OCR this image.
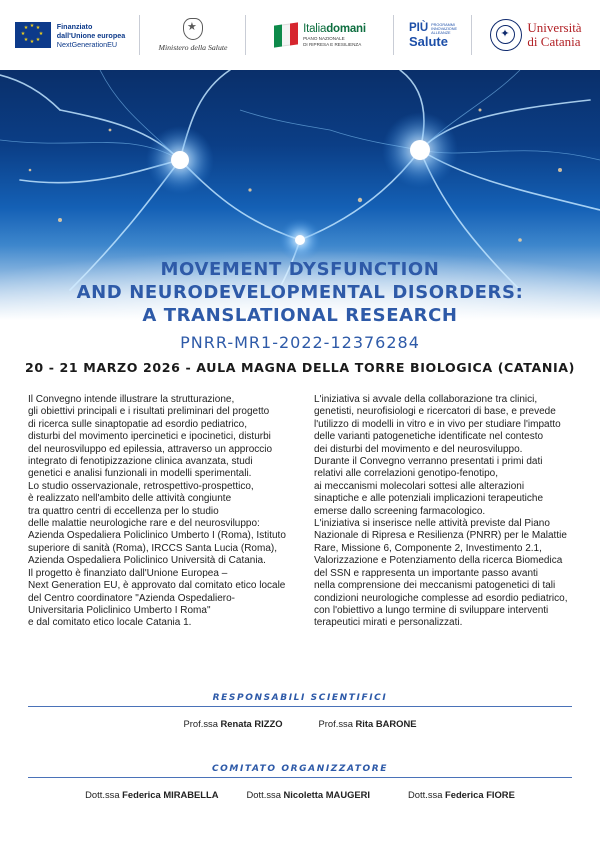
★ ★
★
★
★
★
★
★	Finanziato
dall'Unione europea
NextGenerationEU
★	Ministero della Salute
Italiadomani
PIANO NAZIONALE
DI RIPRESA E RESILIENZA
PIÙ PROGRAMMI
INNOVAZIONE
ALLEANZE
Salute
✦
Università
di Catania
MOVEMENT DYSFUNCTION
AND NEURODEVELOPMENTAL DISORDERS:
A TRANSLATIONAL RESEARCH
PNRR-MR1-2022-12376284
20 - 21 MARZO 2026 - AULA MAGNA DELLA TORRE BIOLOGICA (CATANIA)

Il Convegno intende illustrare la strutturazione,

gli obiettivi principali e i risultati preliminari del progetto

di ricerca sulle sinaptopatie ad esordio pediatrico,

disturbi del movimento ipercinetici e ipocinetici, disturbi

del neurosviluppo ed epilessia, attraverso un approccio

integrato di fenotipizzazione clinica avanzata, studi

genetici e analisi funzionali in modelli sperimentali.

Lo studio osservazionale, retrospettivo-prospettico,

è realizzato nell'ambito delle attività congiunte

tra quattro centri di eccellenza per lo studio

delle malattie neurologiche rare e del neurosviluppo:

Azienda Ospedaliera Policlinico Umberto I (Roma), Istituto

superiore di sanità (Roma), IRCCS Santa Lucia (Roma),

Azienda Ospedaliera Policlinico Università di Catania.

Il progetto è finanziato dall'Unione Europea –

Next Generation EU, è approvato dal comitato etico locale

del Centro coordinatore "Azienda Ospedaliero-

Universitaria Policlinico Umberto I Roma"

e dal comitato etico locale Catania 1.

L'iniziativa si avvale della collaborazione tra clinici,

genetisti, neurofisiologi e ricercatori di base, e prevede

l'utilizzo di modelli in vitro e in vivo per studiare l'impatto

delle varianti patogenetiche identificate nel contesto

dei disturbi del movimento e del neurosviluppo.

Durante il Convegno verranno presentati i primi dati

relativi alle correlazioni genotipo-fenotipo,

ai meccanismi molecolari sottesi alle alterazioni

sinaptiche e alle potenziali implicazioni terapeutiche

emerse dallo screening farmacologico.

L'iniziativa si inserisce nelle attività previste dal Piano

Nazionale di Ripresa e Resilienza (PNRR) per le Malattie

Rare, Missione 6, Componente 2, Investimento 2.1,

Valorizzazione e Potenziamento della ricerca Biomedica

del SSN e rappresenta un importante passo avanti

nella comprensione dei meccanismi patogenetici di tali

condizioni neurologiche complesse ad esordio pediatrico,

con l'obiettivo a lungo termine di sviluppare interventi

terapeutici mirati e personalizzati.

RESPONSABILI SCIENTIFICI
Prof.ssa Renata RIZZO	Prof.ssa Rita BARONE
COMITATO ORGANIZZATORE
Dott.ssa Federica MIRABELLA	Dott.ssa Nicoletta MAUGERI	Dott.ssa Federica FIORE
